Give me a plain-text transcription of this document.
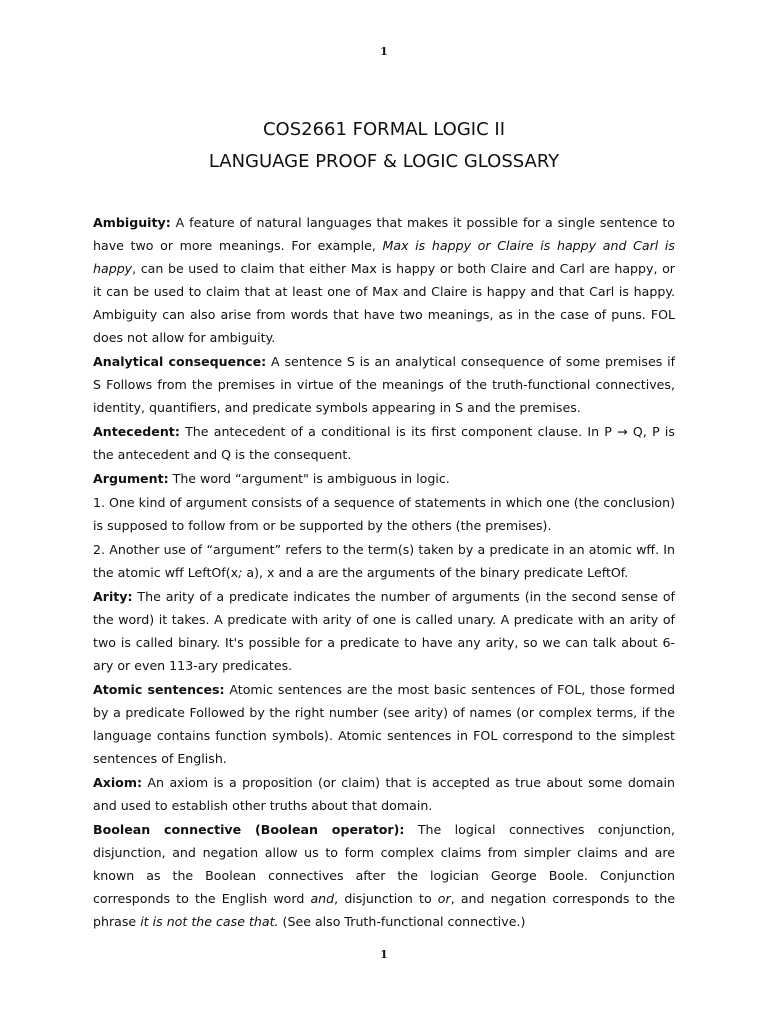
1
COS2661 FORMAL LOGIC II
LANGUAGE PROOF & LOGIC GLOSSARY

Ambiguity: A feature of natural languages that makes it possible for a single sentence to have two or more meanings. For example, Max is happy or Claire is happy and Carl is happy, can be used to claim that either Max is happy or both Claire and Carl are happy, or it can be used to claim that at least one of Max and Claire is happy and that Carl is happy. Ambiguity can also arise from words that have two meanings, as in the case of puns. FOL does not allow for ambiguity.

Analytical consequence: A sentence S is an analytical consequence of some premises if S Follows from the premises in virtue of the meanings of the truth-functional connectives, identity, quantifiers, and predicate symbols appearing in S and the premises.

Antecedent: The antecedent of a conditional is its first component clause. In P → Q, P is the antecedent and Q is the consequent.

Argument: The word “argument" is ambiguous in logic.

1. One kind of argument consists of a sequence of statements in which one (the conclusion) is supposed to follow from or be supported by the others (the premises).

2. Another use of “argument” refers to the term(s) taken by a predicate in an atomic wff. In the atomic wff LeftOf(x; a), x and a are the arguments of the binary predicate LeftOf.

Arity: The arity of a predicate indicates the number of arguments (in the second sense of the word) it takes. A predicate with arity of one is called unary. A predicate with an arity of two is called binary. It's possible for a predicate to have any arity, so we can talk about 6-ary or even 113-ary predicates.

Atomic sentences: Atomic sentences are the most basic sentences of FOL, those formed by a predicate Followed by the right number (see arity) of names (or complex terms, if the language contains function symbols). Atomic sentences in FOL correspond to the simplest sentences of English.

Axiom: An axiom is a proposition (or claim) that is accepted as true about some domain and used to establish other truths about that domain.

Boolean connective (Boolean operator): The logical connectives conjunction, disjunction, and negation allow us to form complex claims from simpler claims and are known as the Boolean connectives after the logician George Boole. Conjunction corresponds to the English word and, disjunction to or, and negation corresponds to the phrase it is not the case that. (See also Truth-functional connective.)

1
